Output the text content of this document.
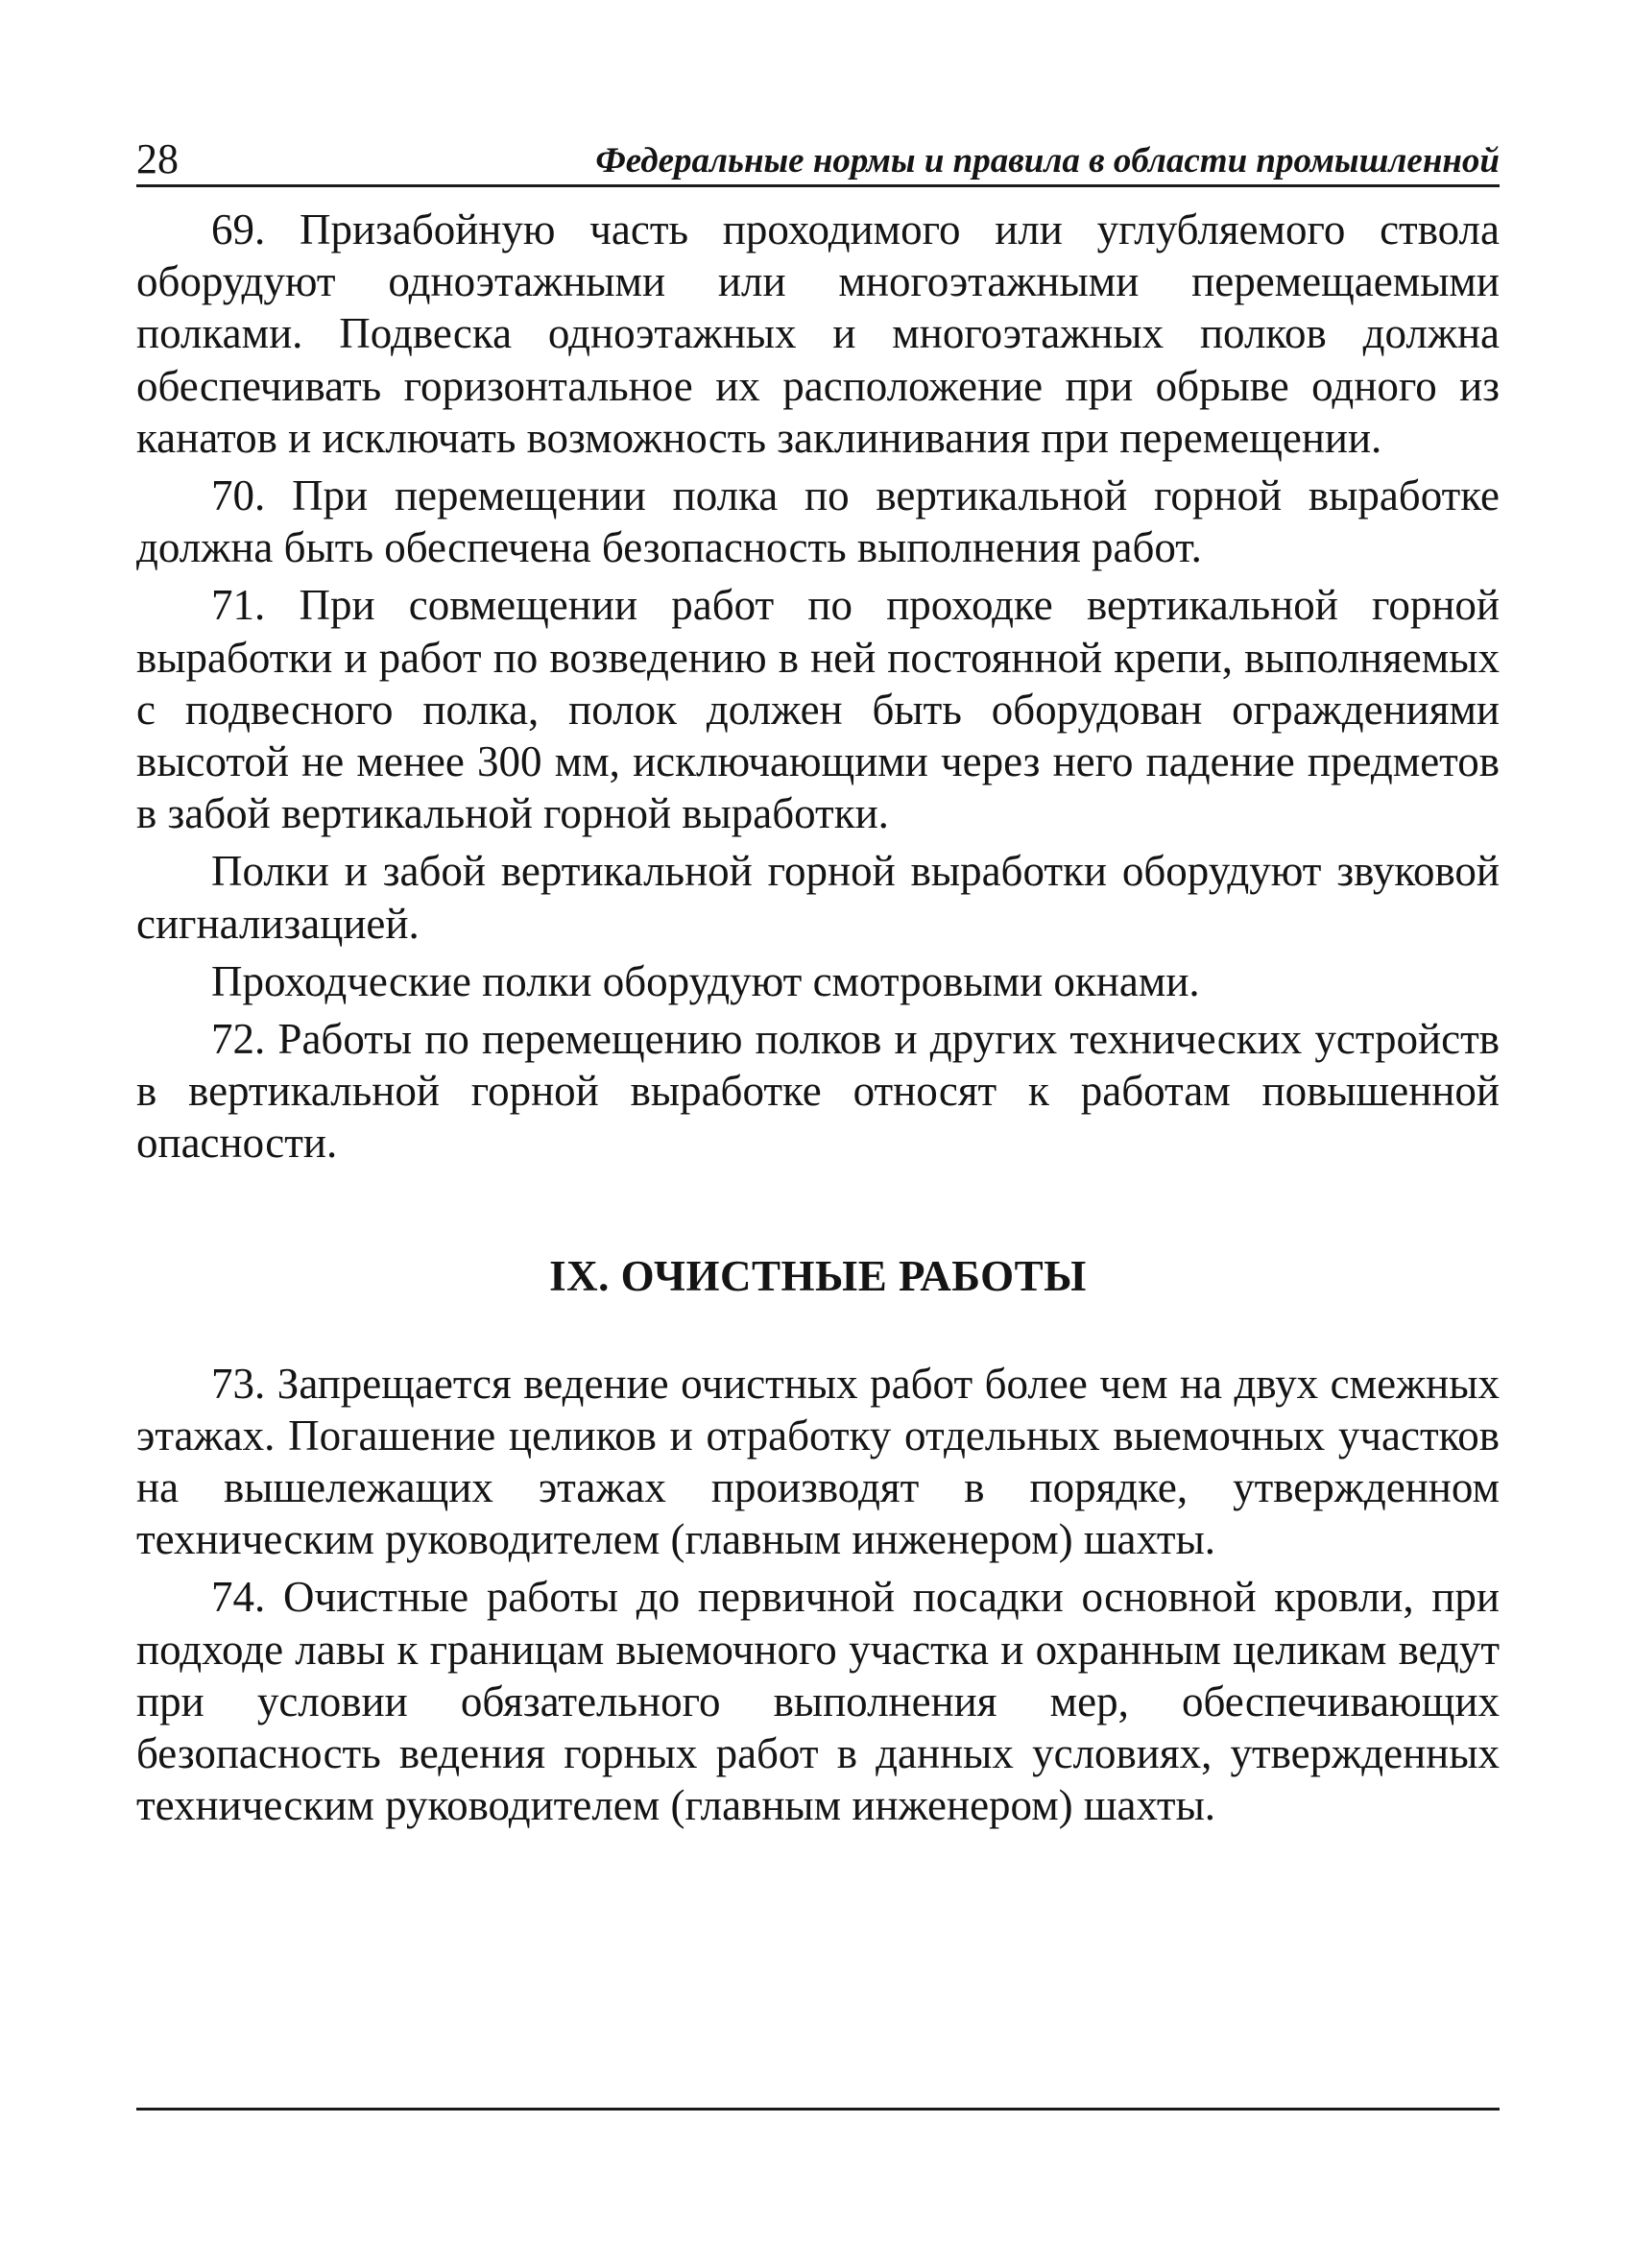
28	Федеральные нормы и правила в области промышленной

69. Призабойную часть проходимого или углубляемого ствола оборудуют одноэтажными или многоэтажными перемещаемыми полками. Подвеска одноэтажных и многоэтажных полков должна обеспечивать горизонтальное их расположение при обрыве одного из канатов и исключать возможность заклинивания при перемещении.

70. При перемещении полка по вертикальной горной выработке должна быть обеспечена безопасность выполнения работ.

71. При совмещении работ по проходке вертикальной горной выработки и работ по возведению в ней постоянной крепи, выполняемых с подвесного полка, полок должен быть оборудован ограждениями высотой не менее 300 мм, исключающими через него падение предметов в забой вертикальной горной выработки.

Полки и забой вертикальной горной выработки оборудуют звуковой сигнализацией.

Проходческие полки оборудуют смотровыми окнами.

72. Работы по перемещению полков и других технических устройств в вертикальной горной выработке относят к работам повышенной опасности.

IX. ОЧИСТНЫЕ РАБОТЫ

73. Запрещается ведение очистных работ более чем на двух смежных этажах. Погашение целиков и отработку отдельных выемочных участков на вышележащих этажах производят в порядке, утвержденном техническим руководителем (главным инженером) шахты.

74. Очистные работы до первичной посадки основной кровли, при подходе лавы к границам выемочного участка и охранным целикам ведут при условии обязательного выполнения мер, обеспечивающих безопасность ведения горных работ в данных условиях, утвержденных техническим руководителем (главным инженером) шахты.
